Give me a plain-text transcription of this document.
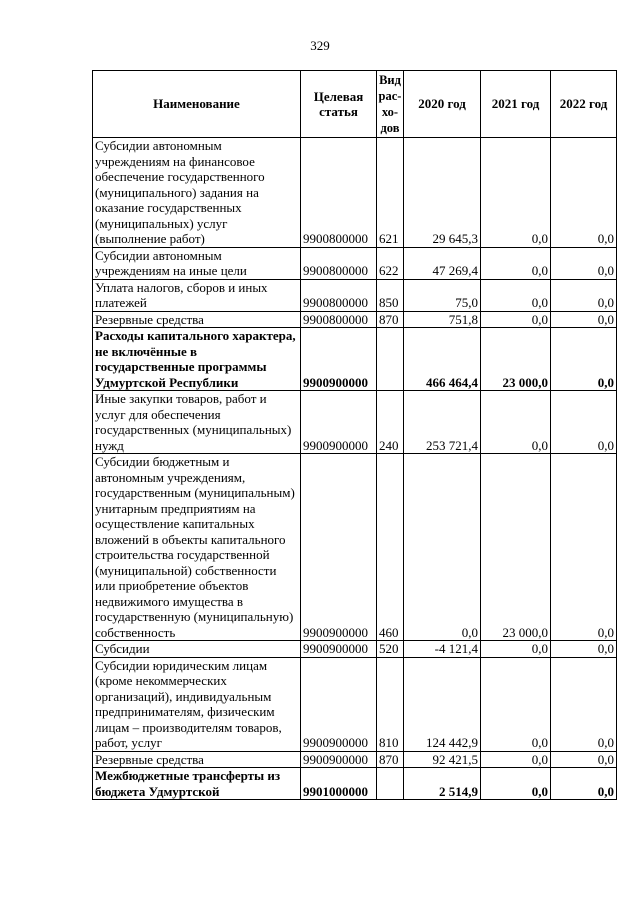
329
Наименование	Целевая статья	Вид рас-хо-дов	2020 год	2021 год	2022 год
Субсидии автономным учреждениям на финансовое обеспечение государственного (муниципального) задания на оказание государственных (муниципальных) услуг (выполнение работ)	9900800000	621	29 645,3	0,0	0,0
Субсидии автономным учреждениям на иные цели	9900800000	622	47 269,4	0,0	0,0
Уплата налогов, сборов и иных платежей	9900800000	850	75,0	0,0	0,0
Резервные средства	9900800000	870	751,8	0,0	0,0
Расходы капитального характера, не включённые в государственные программы Удмуртской Республики	9900900000		466 464,4	23 000,0	0,0
Иные закупки товаров, работ и услуг для обеспечения государственных (муниципальных) нужд	9900900000	240	253 721,4	0,0	0,0
Субсидии бюджетным и автономным учреждениям, государственным (муниципальным) унитарным предприятиям на осуществление капитальных вложений в объекты капитального строительства государственной (муниципальной) собственности или приобретение объектов недвижимого имущества в государственную (муниципальную) собственность	9900900000	460	0,0	23 000,0	0,0
Субсидии	9900900000	520	-4 121,4	0,0	0,0
Субсидии юридическим лицам (кроме некоммерческих организаций), индивидуальным предпринимателям, физическим лицам – производителям товаров, работ, услуг	9900900000	810	124 442,9	0,0	0,0
Резервные средства	9900900000	870	92 421,5	0,0	0,0
Межбюджетные трансферты из бюджета Удмуртской	9901000000		2 514,9	0,0	0,0
